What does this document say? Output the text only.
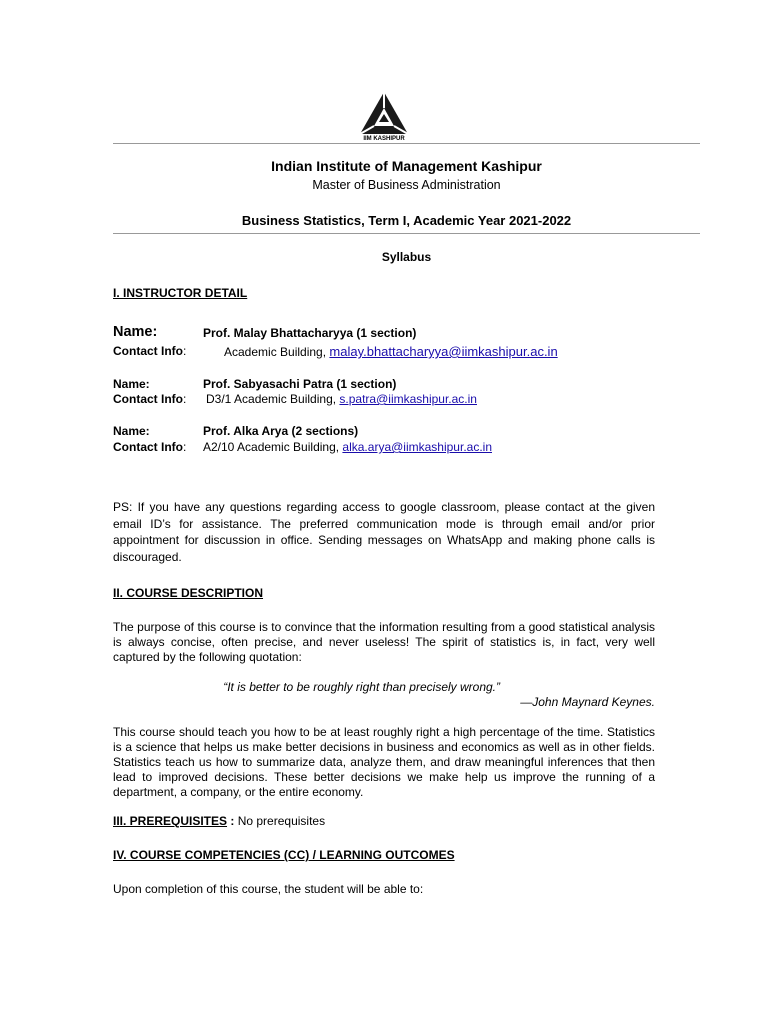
IIM KASHIPUR
Indian Institute of Management Kashipur
Master of Business Administration
Business Statistics, Term I, Academic Year 2021-2022
Syllabus
I. INSTRUCTOR DETAIL
Name:	Prof. Malay Bhattacharyya (1 section)
Contact Info:	Academic Building, malay.bhattacharyya@iimkashipur.ac.in
Name:	Prof. Sabyasachi Patra (1 section)
Contact Info: D3/1 Academic Building, s.patra@iimkashipur.ac.in
Name:	Prof. Alka Arya (2 sections)
Contact Info: A2/10 Academic Building, alka.arya@iimkashipur.ac.in
PS: If you have any questions regarding access to google classroom, please contact at the given email ID’s for assistance. The preferred communication mode is through email and/or prior appointment for discussion in office. Sending messages on WhatsApp and making phone calls is discouraged.
II. COURSE DESCRIPTION
The purpose of this course is to convince that the information resulting from a good statistical analysis is always concise, often precise, and never useless! The spirit of statistics is, in fact, very well captured by the following quotation:
“It is better to be roughly right than precisely wrong.”
—John Maynard Keynes.
This course should teach you how to be at least roughly right a high percentage of the time. Statistics is a science that helps us make better decisions in business and economics as well as in other fields. Statistics teach us how to summarize data, analyze them, and draw meaningful inferences that then lead to improved decisions. These better decisions we make help us improve the running of a department, a company, or the entire economy.
III. PREREQUISITES : No prerequisites
IV. COURSE COMPETENCIES (CC) / LEARNING OUTCOMES
Upon completion of this course, the student will be able to:
